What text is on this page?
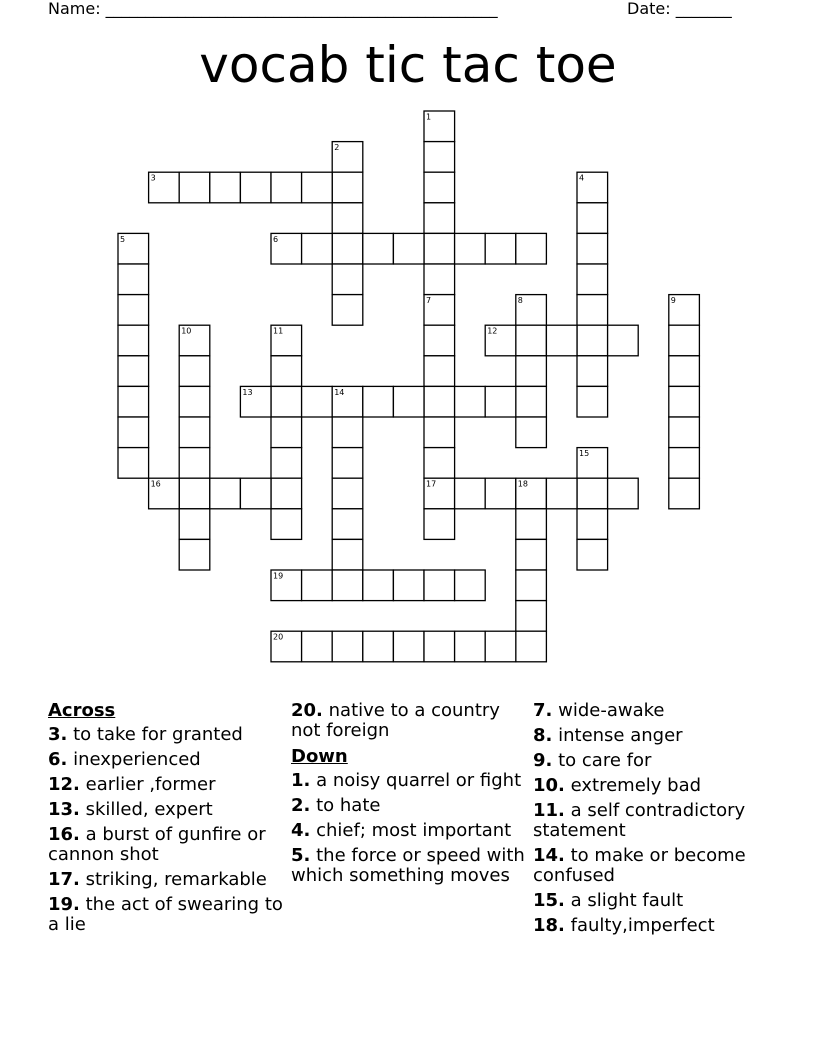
Name: _________________________________________________	Date: _______
vocab tic tac toe
1
2
3	4
5	6
7	8	9
10	11	12
13	14
15
16	17	18
19
20
Across
3. to take for granted
6. inexperienced
12. earlier ,former
13. skilled, expert
16. a burst of gunfire or cannon shot
17. striking, remarkable
19. the act of swearing to a lie
20. native to a country not foreign
Down
1. a noisy quarrel or fight
2. to hate
4. chief; most important
5. the force or speed with which something moves
7. wide-awake
8. intense anger
9. to care for
10. extremely bad
11. a self contradictory statement
14. to make or become confused
15. a slight fault
18. faulty,imperfect
